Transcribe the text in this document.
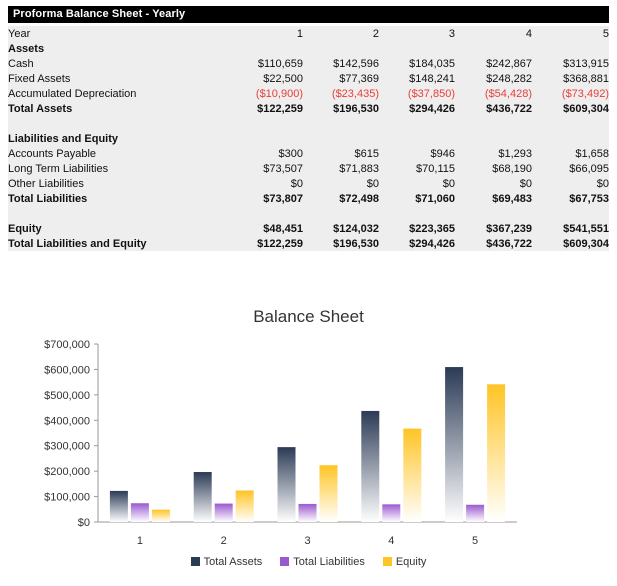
Proforma Balance Sheet - Yearly
Year	1	2	3	4	5
Assets					
Cash	$110,659	$142,596	$184,035	$242,867	$313,915
Fixed Assets	$22,500	$77,369	$148,241	$248,282	$368,881
Accumulated Depreciation	($10,900)	($23,435)	($37,850)	($54,428)	($73,492)
Total Assets	$122,259	$196,530	$294,426	$436,722	$609,304

Liabilities and Equity					
Accounts Payable	$300	$615	$946	$1,293	$1,658
Long Term Liabilities	$73,507	$71,883	$70,115	$68,190	$66,095
Other Liabilities	$0	$0	$0	$0	$0
Total Liabilities	$73,807	$72,498	$71,060	$69,483	$67,753

Equity	$48,451	$124,032	$223,365	$367,239	$541,551
Total Liabilities and Equity	$122,259	$196,530	$294,426	$436,722	$609,304
Balance Sheet
$0
$100,000
$200,000
$300,000
$400,000
$500,000
$600,000
$700,000
1	2	3	4	5
Total Assets	Total Liabilities	Equity
